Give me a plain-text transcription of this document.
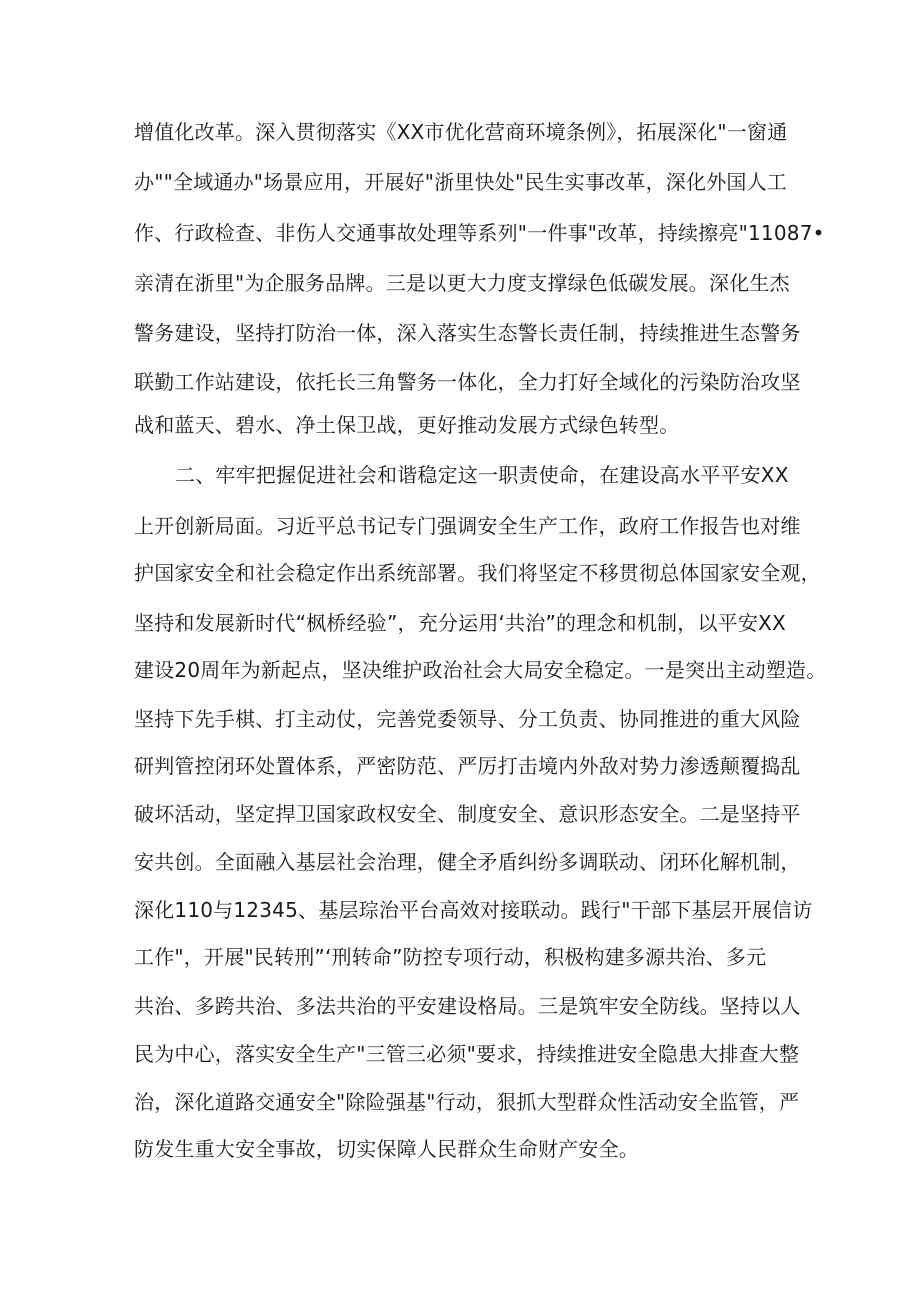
增值化改革。深入贯彻落实《XX市优化营商环境条例》，拓展深化"一窗通
办""全域通办"场景应用，开展好"浙里快处"民生实事改革，深化外国人工
作、行政检查、非伤人交通事故处理等系列"一件事"改革，持续擦亮"11087•
亲清在浙里"为企服务品牌。三是以更大力度支撑绿色低碳发展。深化生杰
警务建设，坚持打防治一体，深入落实生态警长责任制，持续推进生态警务
联勤工作站建设，依托长三角警务一体化，全力打好全域化的污染防治攻坚
战和蓝天、碧水、净土保卫战，更好推动发展方式绿色转型。
二、牢牢把握促进社会和谐稳定这一职责使命，在建设高水平平安XX
上开创新局面。习近平总书记专门强调安全生产工作，政府工作报告也对维
护国家安全和社会稳定作出系统部署。我们将坚定不移贯彻总体国家安全观，
坚持和发展新时代“枫桥经验”，充分运用‘共治”的理念和机制，以平安XX
建设20周年为新起点，坚决维护政治社会大局安全稳定。一是突出主动塑造。
坚持下先手棋、打主动仗，完善党委领导、分工负责、协同推进的重大风险
研判管控闭环处置体系，严密防范、严厉打击境内外敌对势力渗透颠覆捣乱
破坏活动，坚定捍卫国家政权安全、制度安全、意识形态安全。二是坚持平
安共创。全面融入基层社会治理，健全矛盾纠纷多调联动、闭环化解机制，
深化110与12345、基层琮治平台高效对接联动。践行"干部下基层开展信访
工作"，开展"民转刑”‘刑转命”防控专项行动，积极构建多源共治、多元
共治、多跨共治、多法共治的平安建设格局。三是筑牢安全防线。坚持以人
民为中心，落实安全生产"三管三必须"要求，持续推进安全隐患大排查大整
治，深化道路交通安全"除险强基"行动，狠抓大型群众性活动安全监管，严
防发生重大安全事故，切实保障人民群众生命财产安全。
